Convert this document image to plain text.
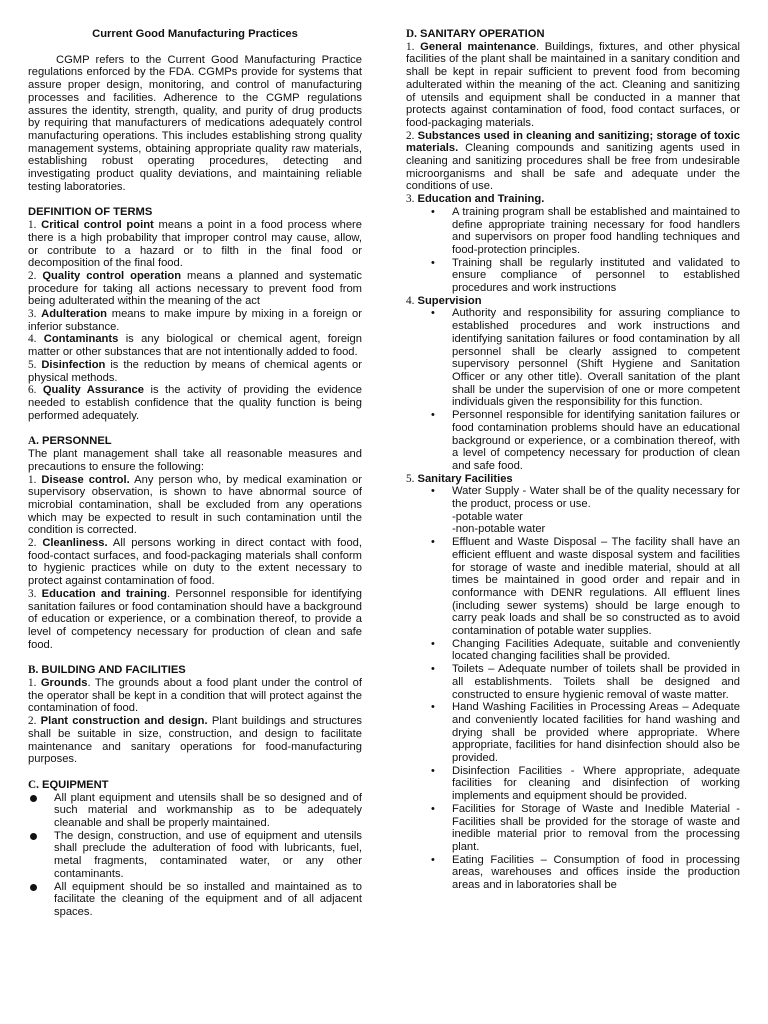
Current Good Manufacturing Practices

CGMP refers to the Current Good Manufacturing Practice regulations enforced by the FDA. CGMPs provide for systems that assure proper design, monitoring, and control of manufacturing processes and facilities. Adherence to the CGMP regulations assures the identity, strength, quality, and purity of drug products by requiring that manufacturers of medications adequately control manufacturing operations. This includes establishing strong quality management systems, obtaining appropriate quality raw materials, establishing robust operating procedures, detecting and investigating product quality deviations, and maintaining reliable testing laboratories.

DEFINITION OF TERMS

1. Critical control point means a point in a food process where there is a high probability that improper control may cause, allow, or contribute to a hazard or to filth in the final food or decomposition of the final food.

2. Quality control operation means a planned and systematic procedure for taking all actions necessary to prevent food from being adulterated within the meaning of the act

3. Adulteration means to make impure by mixing in a foreign or inferior substance.

4. Contaminants is any biological or chemical agent, foreign matter or other substances that are not intentionally added to food.

5. Disinfection is the reduction by means of chemical agents or physical methods.

6. Quality Assurance is the activity of providing the evidence needed to establish confidence that the quality function is being performed adequately.

A. PERSONNEL

The plant management shall take all reasonable measures and precautions to ensure the following:

1. Disease control. Any person who, by medical examination or supervisory observation, is shown to have abnormal source of microbial contamination, shall be excluded from any operations which may be expected to result in such contamination until the condition is corrected.

2. Cleanliness. All persons working in direct contact with food, food-contact surfaces, and food-packaging materials shall conform to hygienic practices while on duty to the extent necessary to protect against contamination of food.

3. Education and training. Personnel responsible for identifying sanitation failures or food contamination should have a background of education or experience, or a combination thereof, to provide a level of competency necessary for production of clean and safe food.

B. BUILDING AND FACILITIES

1. Grounds. The grounds about a food plant under the control of the operator shall be kept in a condition that will protect against the contamination of food.

2. Plant construction and design. Plant buildings and structures shall be suitable in size, construction, and design to facilitate maintenance and sanitary operations for food-manufacturing purposes.

C. EQUIPMENT
All plant equipment and utensils shall be so designed and of such material and workmanship as to be adequately cleanable and shall be properly maintained.
The design, construction, and use of equipment and utensils shall preclude the adulteration of food with lubricants, fuel, metal fragments, contaminated water, or any other contaminants.
All equipment should be so installed and maintained as to facilitate the cleaning of the equipment and of all adjacent spaces.
D. SANITARY OPERATION

1. General maintenance. Buildings, fixtures, and other physical facilities of the plant shall be maintained in a sanitary condition and shall be kept in repair sufficient to prevent food from becoming adulterated within the meaning of the act. Cleaning and sanitizing of utensils and equipment shall be conducted in a manner that protects against contamination of food, food contact surfaces, or food-packaging materials.

2. Substances used in cleaning and sanitizing; storage of toxic materials. Cleaning compounds and sanitizing agents used in cleaning and sanitizing procedures shall be free from undesirable microorganisms and shall be safe and adequate under the conditions of use.

3. Education and Training.

• A training program shall be established and maintained to define appropriate training necessary for food handlers and supervisors on proper food handling techniques and food-protection principles.
• Training shall be regularly instituted and validated to ensure compliance of personnel to established procedures and work instructions

4. Supervision

• Authority and responsibility for assuring compliance to established procedures and work instructions and identifying sanitation failures or food contamination by all personnel shall be clearly assigned to competent supervisory personnel (Shift Hygiene and Sanitation Officer or any other title). Overall sanitation of the plant shall be under the supervision of one or more competent individuals given the responsibility for this function.
• Personnel responsible for identifying sanitation failures or food contamination problems should have an educational background or experience, or a combination thereof, with a level of competency necessary for production of clean and safe food.

5. Sanitary Facilities

• Water Supply - Water shall be of the quality necessary for the product, process or use.
-potable water
-non-potable water
• Effluent and Waste Disposal – The facility shall have an efficient effluent and waste disposal system and facilities for storage of waste and inedible material, should at all times be maintained in good order and repair and in conformance with DENR regulations. All effluent lines (including sewer systems) should be large enough to carry peak loads and shall be so constructed as to avoid contamination of potable water supplies.
• Changing Facilities Adequate, suitable and conveniently located changing facilities shall be provided.
• Toilets – Adequate number of toilets shall be provided in all establishments. Toilets shall be designed and constructed to ensure hygienic removal of waste matter.
• Hand Washing Facilities in Processing Areas – Adequate and conveniently located facilities for hand washing and drying shall be provided where appropriate. Where appropriate, facilities for hand disinfection should also be provided.
• Disinfection Facilities - Where appropriate, adequate facilities for cleaning and disinfection of working implements and equipment should be provided.
• Facilities for Storage of Waste and Inedible Material - Facilities shall be provided for the storage of waste and inedible material prior to removal from the processing plant.
• Eating Facilities – Consumption of food in processing areas, warehouses and offices inside the production areas and in laboratories shall be
